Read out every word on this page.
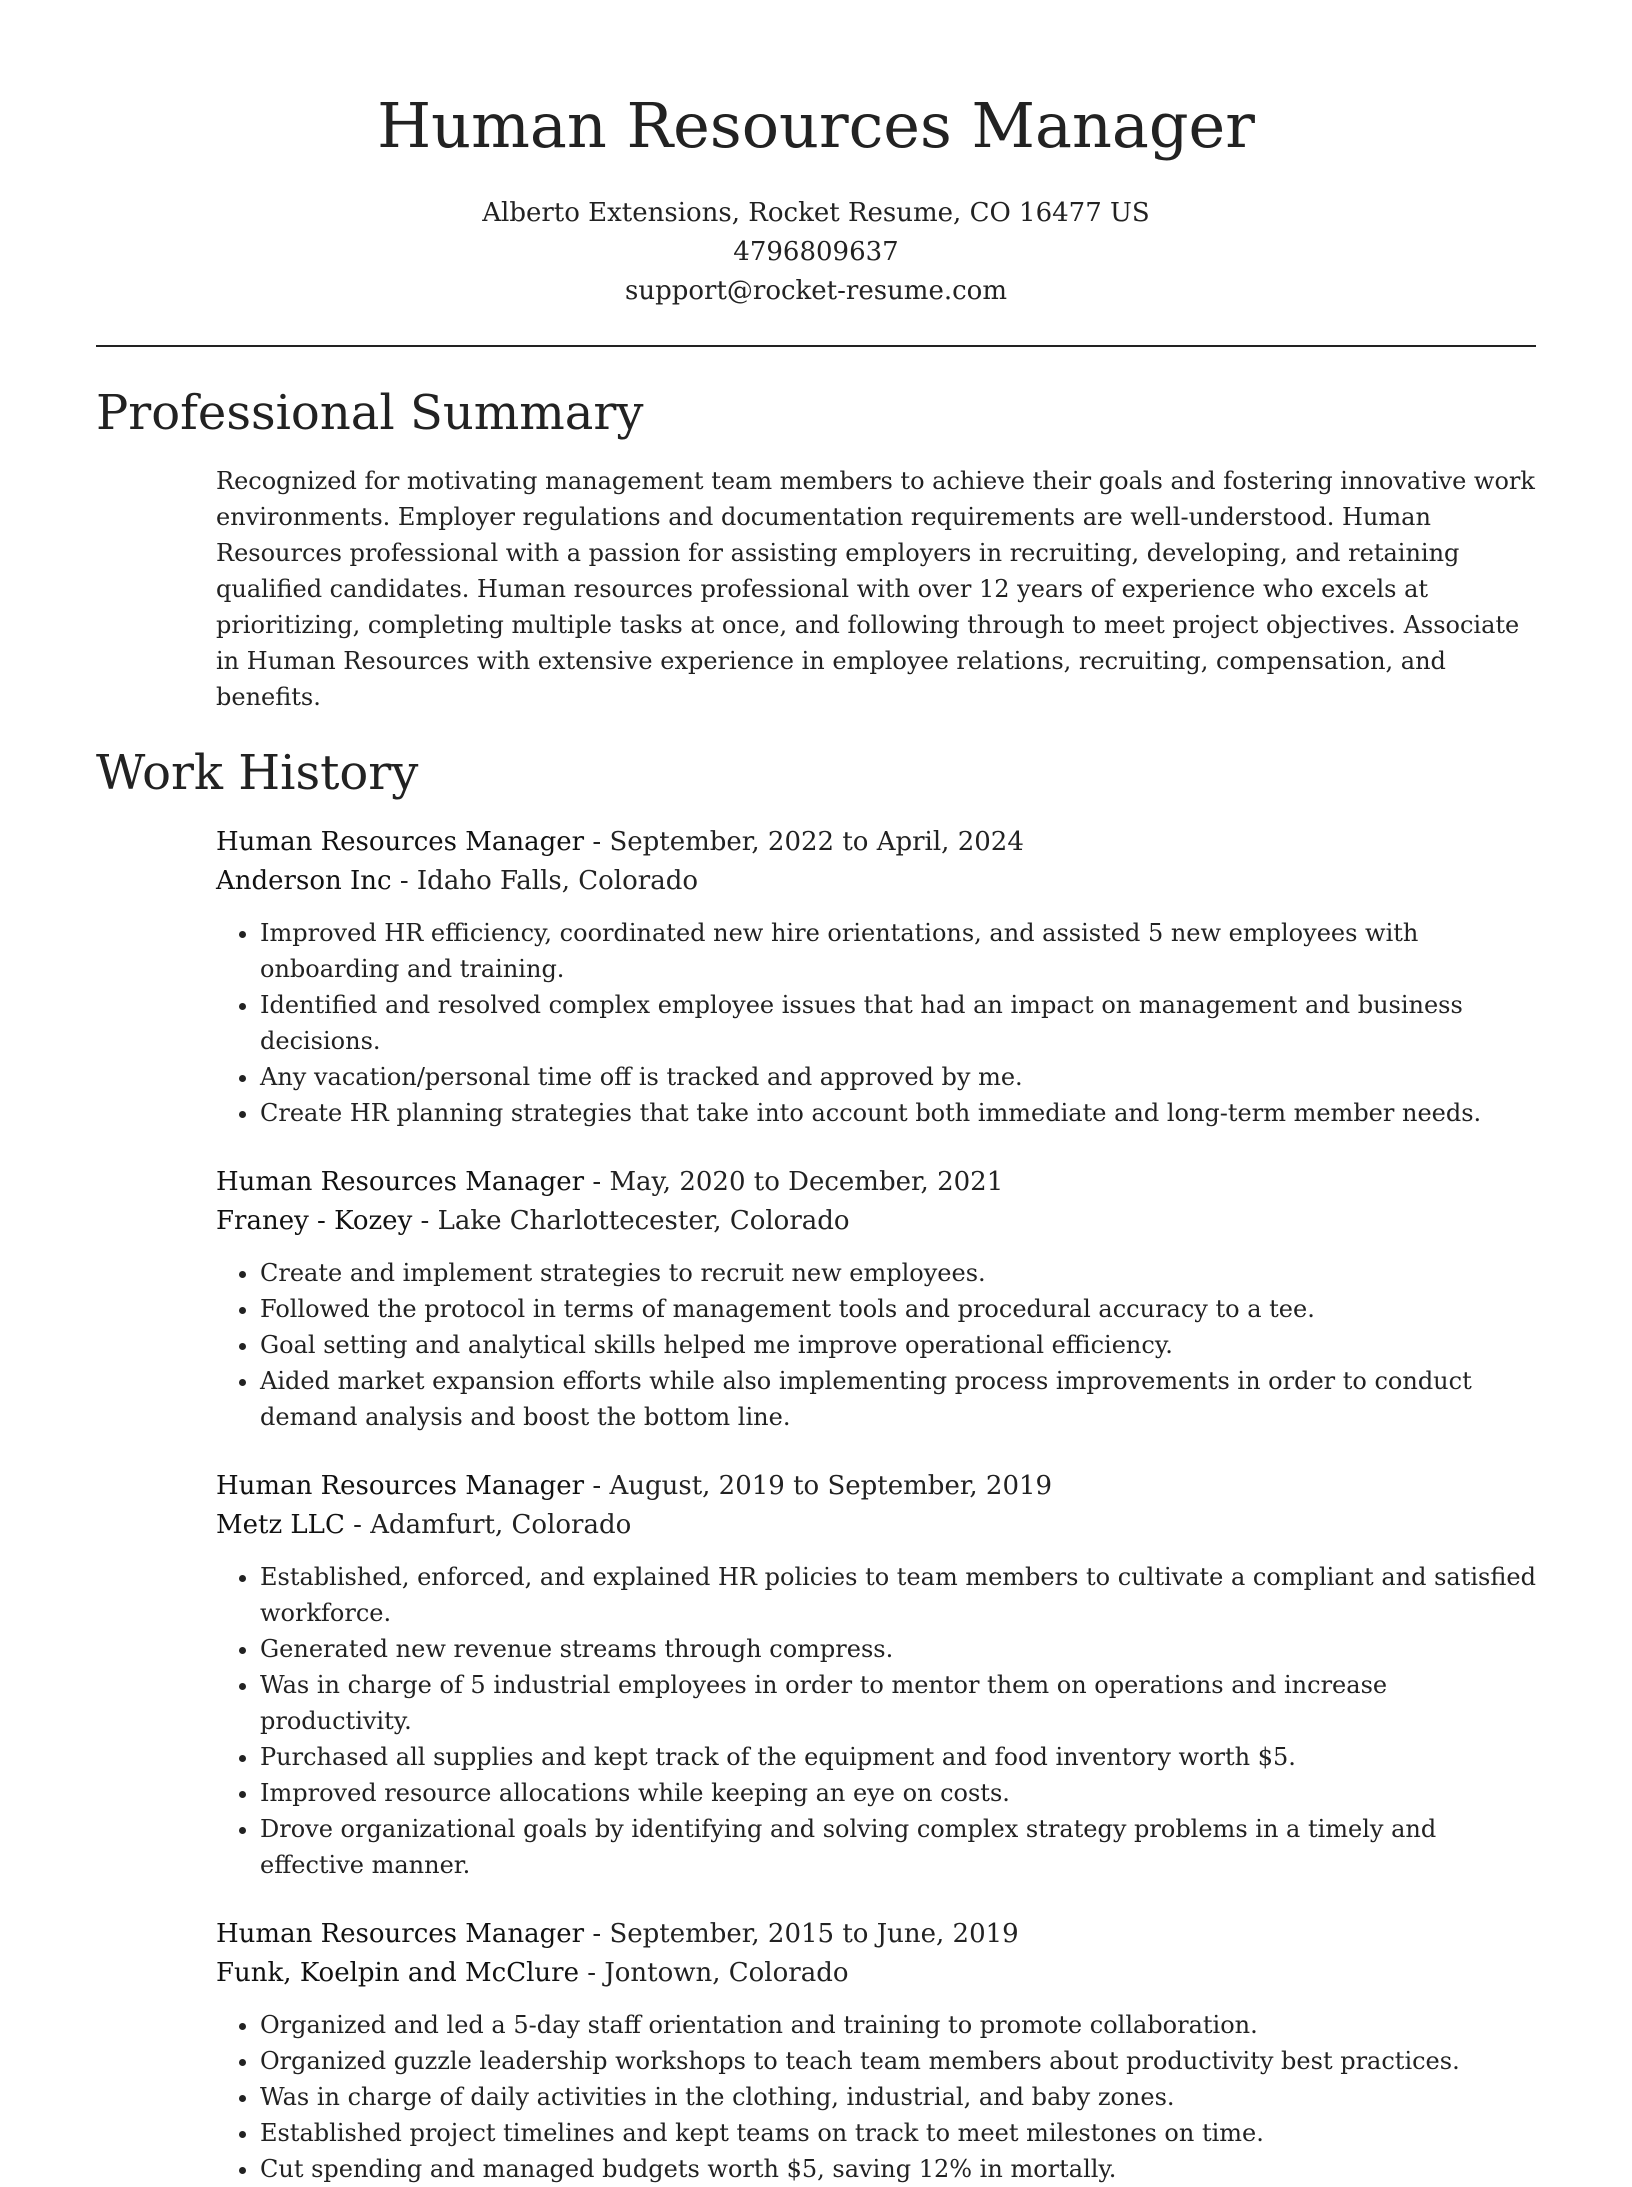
Human Resources Manager
Alberto Extensions, Rocket Resume, CO 16477 US
4796809637
support@rocket-resume.com
Professional Summary
Recognized for motivating management team members to achieve their goals and fostering innovative work environments. Employer regulations and documentation requirements are well-understood. Human Resources professional with a passion for assisting employers in recruiting, developing, and retaining qualified candidates. Human resources professional with over 12 years of experience who excels at prioritizing, completing multiple tasks at once, and following through to meet project objectives. Associate in Human Resources with extensive experience in employee relations, recruiting, compensation, and benefits.
Work History
Human Resources Manager - September, 2022 to April, 2024
Anderson Inc - Idaho Falls, Colorado
• Improved HR efficiency, coordinated new hire orientations, and assisted 5 new employees with onboarding and training.
• Identified and resolved complex employee issues that had an impact on management and business decisions.
• Any vacation/personal time off is tracked and approved by me.
• Create HR planning strategies that take into account both immediate and long-term member needs.
Human Resources Manager - May, 2020 to December, 2021
Franey - Kozey - Lake Charlottecester, Colorado
• Create and implement strategies to recruit new employees.
• Followed the protocol in terms of management tools and procedural accuracy to a tee.
• Goal setting and analytical skills helped me improve operational efficiency.
• Aided market expansion efforts while also implementing process improvements in order to conduct demand analysis and boost the bottom line.
Human Resources Manager - August, 2019 to September, 2019
Metz LLC - Adamfurt, Colorado
• Established, enforced, and explained HR policies to team members to cultivate a compliant and satisfied workforce.
• Generated new revenue streams through compress.
• Was in charge of 5 industrial employees in order to mentor them on operations and increase productivity.
• Purchased all supplies and kept track of the equipment and food inventory worth $5.
• Improved resource allocations while keeping an eye on costs.
• Drove organizational goals by identifying and solving complex strategy problems in a timely and effective manner.
Human Resources Manager - September, 2015 to June, 2019
Funk, Koelpin and McClure - Jontown, Colorado
• Organized and led a 5-day staff orientation and training to promote collaboration.
• Organized guzzle leadership workshops to teach team members about productivity best practices.
• Was in charge of daily activities in the clothing, industrial, and baby zones.
• Established project timelines and kept teams on track to meet milestones on time.
• Cut spending and managed budgets worth $5, saving 12% in mortally.
